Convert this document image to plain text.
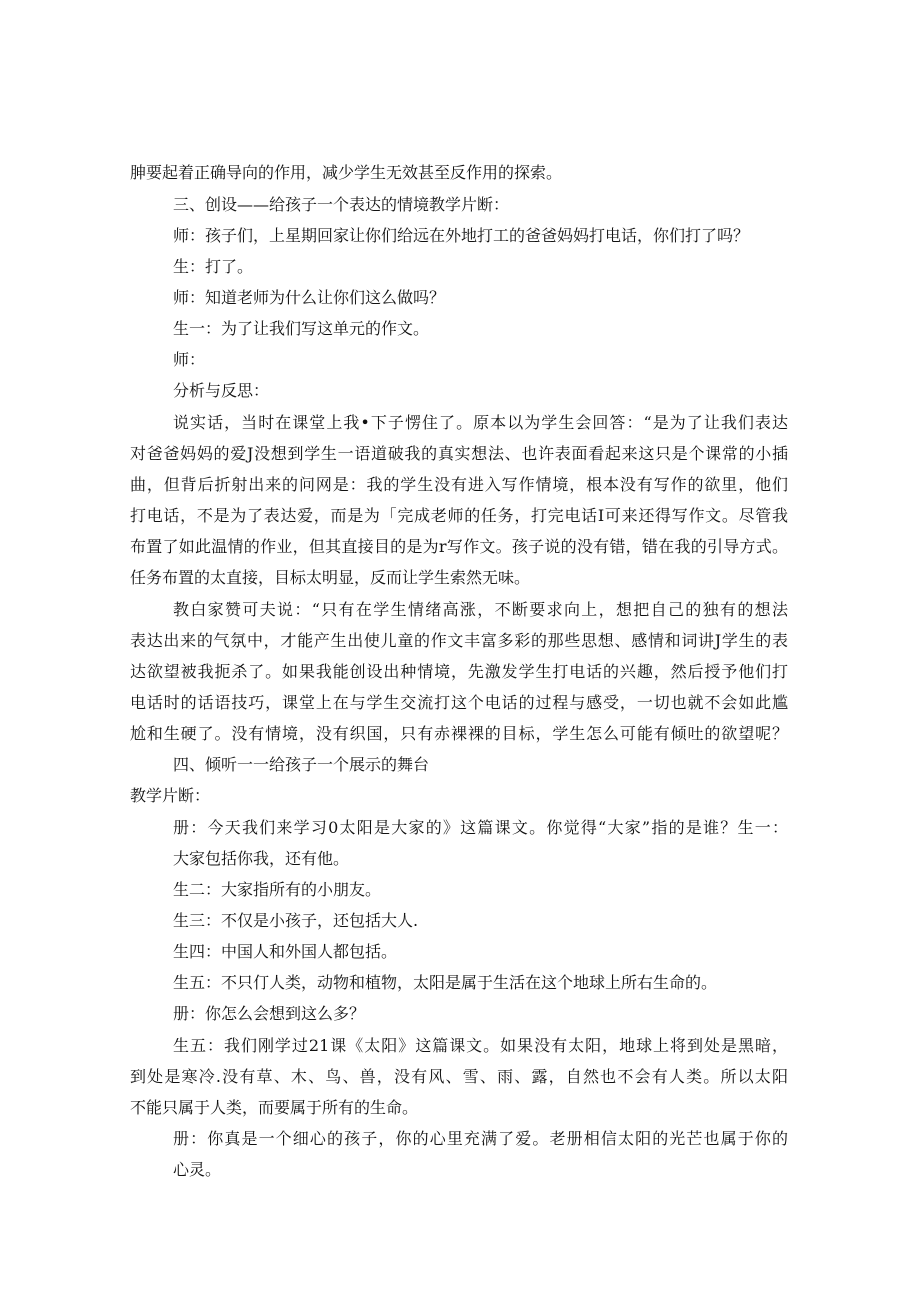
胂要起着正确导向的作用，减少学生无效甚至反作用的探索。
三、创设——给孩子一个表达的情境教学片断：
师：孩子们，上星期回家让你们给远在外地打工的爸爸妈妈打电话，你们打了吗？
生：打了。
师：知道老师为什么让你们这么做吗？
生一：为了让我们写这单元的作文。
师：
分析与反思：
说实话，当时在课堂上我•下子愣住了。原本以为学生会回答：“是为了让我们表达
对爸爸妈妈的爱J没想到学生一语道破我的真实想法、也许表面看起来这只是个课常的小插
曲，但背后折射出来的问网是：我的学生没有进入写作情境，根本没有写作的欲里，他们
打电话，不是为了表达爱，而是为「完成老师的任务，打完电话I可来还得写作文。尽管我
布置了如此温情的作业，但其直接目的是为r写作文。孩子说的没有错，错在我的引导方式。
任务布置的太直接，目标太明显，反而让学生索然无味。
教白家赞可夫说：“只有在学生情绪高涨，不断要求向上，想把自己的独有的想法
表达出来的气氛中，才能产生出使儿童的作文丰富多彩的那些思想、感情和词讲J学生的表
达欲望被我扼杀了。如果我能创设出种情境，先激发学生打电话的兴趣，然后授予他们打
电话时的话语技巧，课堂上在与学生交流打这个电话的过程与感受，一切也就不会如此尴
尬和生硬了。没有情境，没有织国，只有赤裸裸的目标，学生怎么可能有倾吐的欲望呢？
四、倾听一一给孩子一个展示的舞台
教学片断：
册：今天我们来学习0太阳是大家的》这篇课文。你觉得“大家”指的是谁？生一：
大家包括你我，还有他。
生二：大家指所有的小朋友。
生三：不仅是小孩子，还包括大人.
生四：中国人和外国人都包括。
生五：不只仃人类，动物和植物，太阳是属于生活在这个地球上所右生命的。
册：你怎么会想到这么多？
生五：我们刚学过21课《太阳》这篇课文。如果没有太阳，地球上将到处是黑暗，
到处是寒冷.没有草、木、鸟、兽，没有风、雪、雨、露，自然也不会有人类。所以太阳
不能只属于人类，而要属于所有的生命。
册：你真是一个细心的孩子，你的心里充满了爱。老册相信太阳的光芒也属于你的
心灵。
